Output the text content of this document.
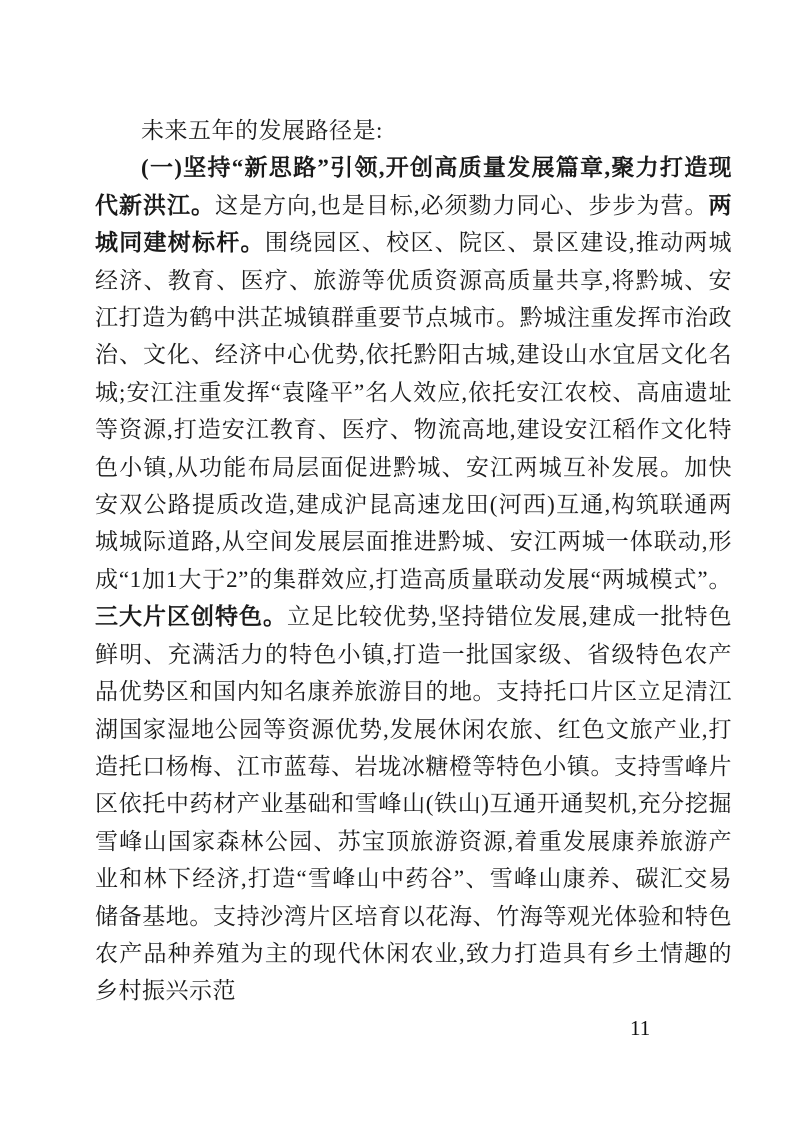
未来五年的发展路径是:

(一)坚持“新思路”引领,开创高质量发展篇章,聚力打造现代新洪江。这是方向,也是目标,必须勠力同心、步步为营。两城同建树标杆。围绕园区、校区、院区、景区建设,推动两城经济、教育、医疗、旅游等优质资源高质量共享,将黔城、安江打造为鹤中洪芷城镇群重要节点城市。黔城注重发挥市治政治、文化、经济中心优势,依托黔阳古城,建设山水宜居文化名城;安江注重发挥“袁隆平”名人效应,依托安江农校、高庙遗址等资源,打造安江教育、医疗、物流高地,建设安江稻作文化特色小镇,从功能布局层面促进黔城、安江两城互补发展。加快安双公路提质改造,建成沪昆高速龙田(河西)互通,构筑联通两城城际道路,从空间发展层面推进黔城、安江两城一体联动,形成“1加1大于2”的集群效应,打造高质量联动发展“两城模式”。三大片区创特色。立足比较优势,坚持错位发展,建成一批特色鲜明、充满活力的特色小镇,打造一批国家级、省级特色农产品优势区和国内知名康养旅游目的地。支持托口片区立足清江湖国家湿地公园等资源优势,发展休闲农旅、红色文旅产业,打造托口杨梅、江市蓝莓、岩垅冰糖橙等特色小镇。支持雪峰片区依托中药材产业基础和雪峰山(铁山)互通开通契机,充分挖掘雪峰山国家森林公园、苏宝顶旅游资源,着重发展康养旅游产业和林下经济,打造“雪峰山中药谷”、雪峰山康养、碳汇交易储备基地。支持沙湾片区培育以花海、竹海等观光体验和特色农产品种养殖为主的现代休闲农业,致力打造具有乡土情趣的乡村振兴示范

11
